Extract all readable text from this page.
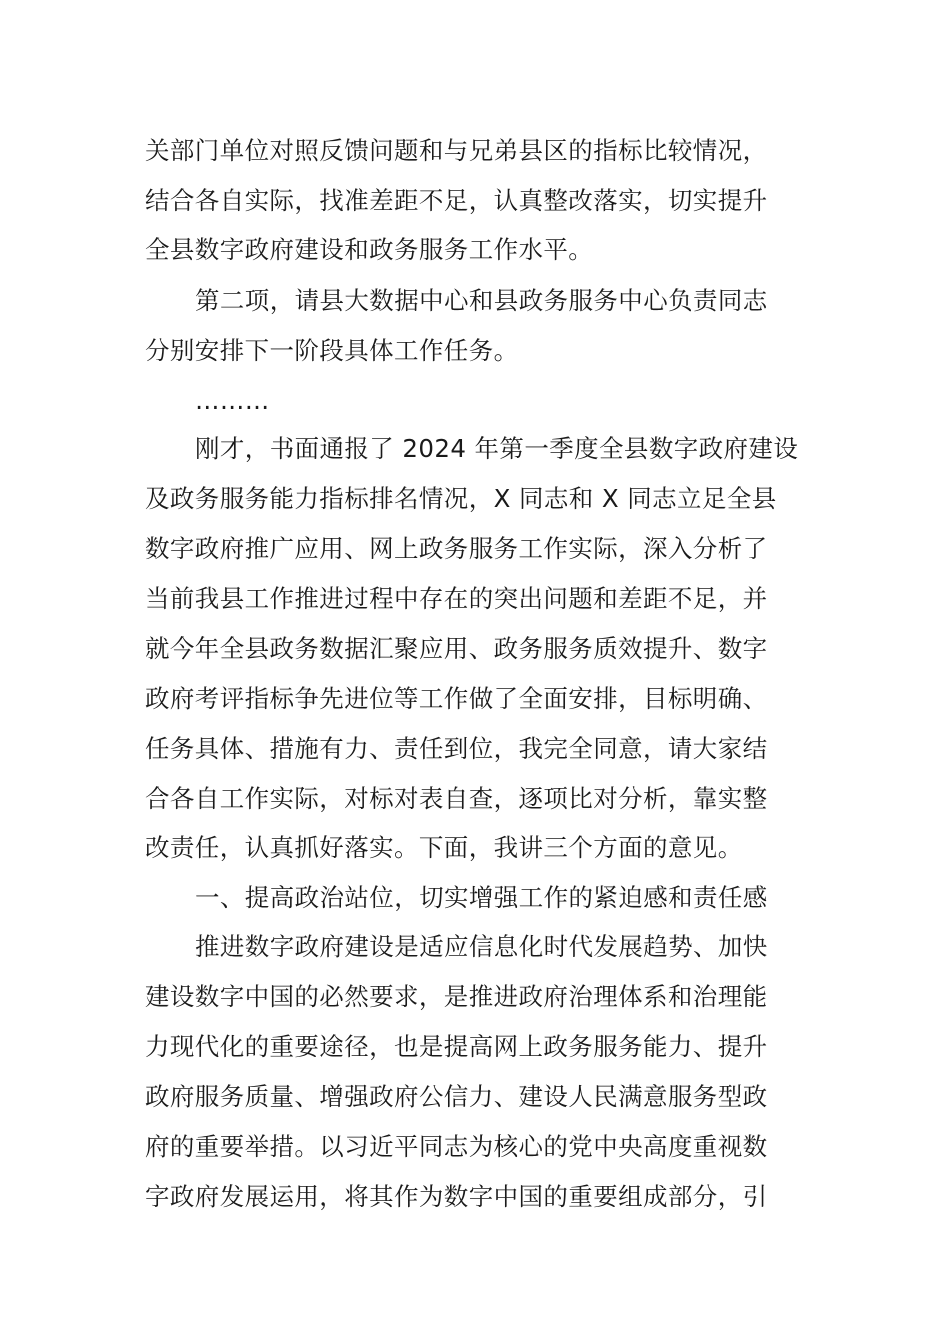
关部门单位对照反馈问题和与兄弟县区的指标比较情况，
结合各自实际，找准差距不足，认真整改落实，切实提升
全县数字政府建设和政务服务工作水平。
第二项，请县大数据中心和县政务服务中心负责同志
分别安排下一阶段具体工作任务。
………
刚才，书面通报了 2024 年第一季度全县数字政府建设
及政务服务能力指标排名情况，X 同志和 X 同志立足全县
数字政府推广应用、网上政务服务工作实际，深入分析了
当前我县工作推进过程中存在的突出问题和差距不足，并
就今年全县政务数据汇聚应用、政务服务质效提升、数字
政府考评指标争先进位等工作做了全面安排，目标明确、
任务具体、措施有力、责任到位，我完全同意，请大家结
合各自工作实际，对标对表自查，逐项比对分析，靠实整
改责任，认真抓好落实。下面，我讲三个方面的意见。
一、提高政治站位，切实增强工作的紧迫感和责任感
推进数字政府建设是适应信息化时代发展趋势、加快
建设数字中国的必然要求，是推进政府治理体系和治理能
力现代化的重要途径，也是提高网上政务服务能力、提升
政府服务质量、增强政府公信力、建设人民满意服务型政
府的重要举措。以习近平同志为核心的党中央高度重视数
字政府发展运用，将其作为数字中国的重要组成部分，引
